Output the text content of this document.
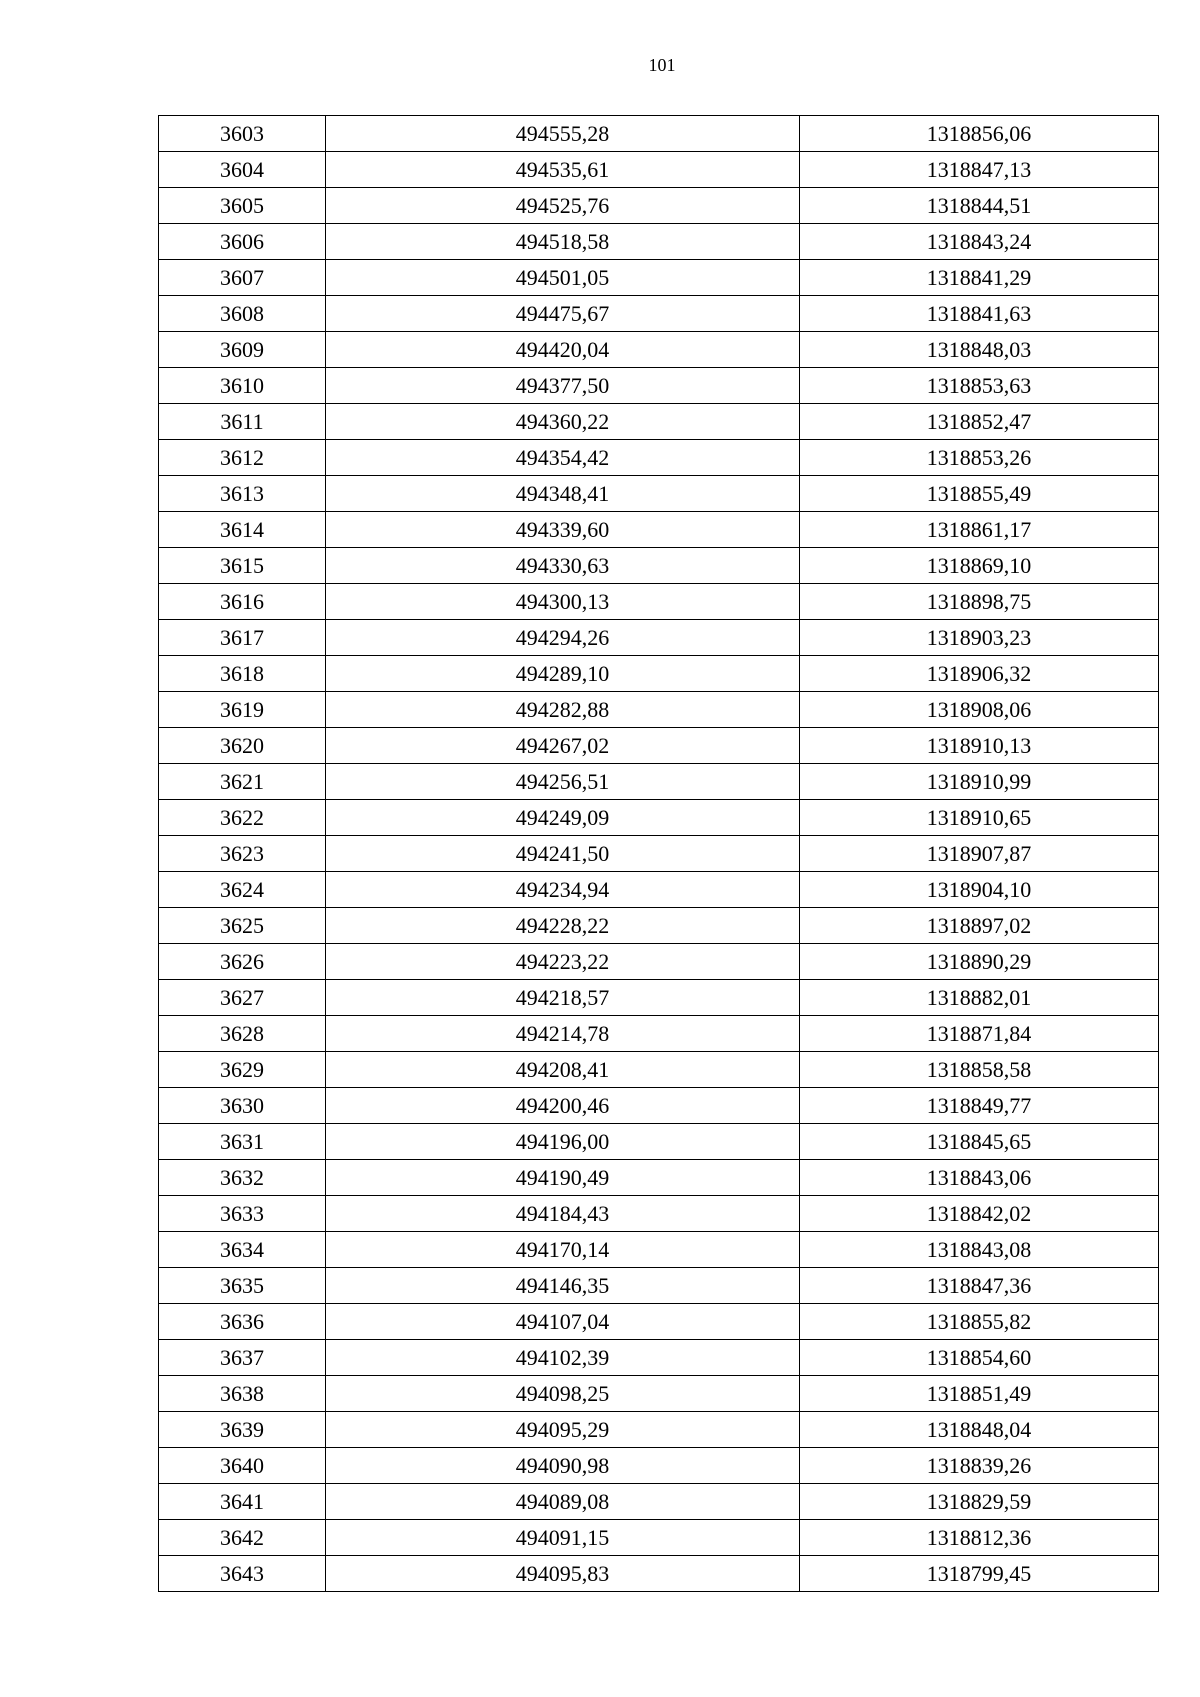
101
3603	494555,28	1318856,06
3604	494535,61	1318847,13
3605	494525,76	1318844,51
3606	494518,58	1318843,24
3607	494501,05	1318841,29
3608	494475,67	1318841,63
3609	494420,04	1318848,03
3610	494377,50	1318853,63
3611	494360,22	1318852,47
3612	494354,42	1318853,26
3613	494348,41	1318855,49
3614	494339,60	1318861,17
3615	494330,63	1318869,10
3616	494300,13	1318898,75
3617	494294,26	1318903,23
3618	494289,10	1318906,32
3619	494282,88	1318908,06
3620	494267,02	1318910,13
3621	494256,51	1318910,99
3622	494249,09	1318910,65
3623	494241,50	1318907,87
3624	494234,94	1318904,10
3625	494228,22	1318897,02
3626	494223,22	1318890,29
3627	494218,57	1318882,01
3628	494214,78	1318871,84
3629	494208,41	1318858,58
3630	494200,46	1318849,77
3631	494196,00	1318845,65
3632	494190,49	1318843,06
3633	494184,43	1318842,02
3634	494170,14	1318843,08
3635	494146,35	1318847,36
3636	494107,04	1318855,82
3637	494102,39	1318854,60
3638	494098,25	1318851,49
3639	494095,29	1318848,04
3640	494090,98	1318839,26
3641	494089,08	1318829,59
3642	494091,15	1318812,36
3643	494095,83	1318799,45
